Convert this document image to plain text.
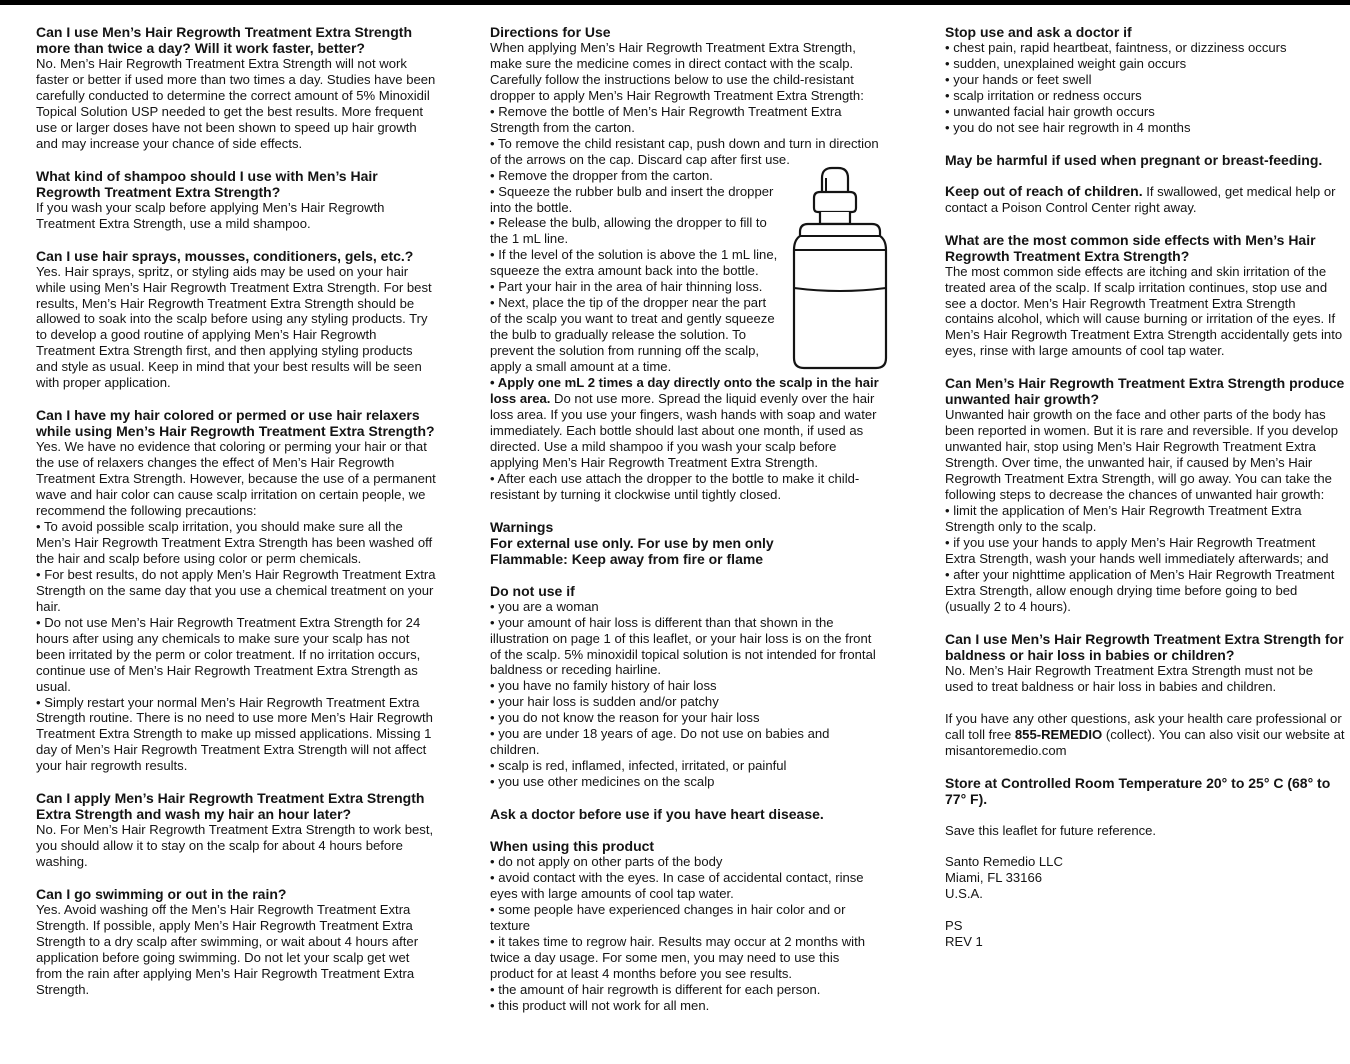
Can I use Men’s Hair Regrowth Treatment Extra Strength more than twice a day? Will it work faster, better?

No. Men’s Hair Regrowth Treatment Extra Strength will not work faster or better if used more than two times a day. Studies have been carefully conducted to determine the correct amount of 5% Minoxidil Topical Solution USP needed to get the best results. More frequent use or larger doses have not been shown to speed up hair growth and may increase your chance of side effects.

What kind of shampoo should I use with Men’s Hair Regrowth Treatment Extra Strength?

If you wash your scalp before applying Men’s Hair Regrowth Treatment Extra Strength, use a mild shampoo.

Can I use hair sprays, mousses, conditioners, gels, etc.?

Yes. Hair sprays, spritz, or styling aids may be used on your hair while using Men’s Hair Regrowth Treatment Extra Strength. For best results, Men’s Hair Regrowth Treatment Extra Strength should be allowed to soak into the scalp before using any styling products. Try to develop a good routine of applying Men’s Hair Regrowth Treatment Extra Strength first, and then applying styling products and style as usual. Keep in mind that your best results will be seen with proper application.

Can I have my hair colored or permed or use hair relaxers while using Men’s Hair Regrowth Treatment Extra Strength?

Yes. We have no evidence that coloring or perming your hair or that the use of relaxers changes the effect of Men’s Hair Regrowth Treatment Extra Strength. However, because the use of a permanent wave and hair color can cause scalp irritation on certain people, we recommend the following precautions:

• To avoid possible scalp irritation, you should make sure all the Men’s Hair Regrowth Treatment Extra Strength has been washed off the hair and scalp before using color or perm chemicals.

• For best results, do not apply Men’s Hair Regrowth Treatment Extra Strength on the same day that you use a chemical treatment on your hair.

• Do not use Men’s Hair Regrowth Treatment Extra Strength for 24 hours after using any chemicals to make sure your scalp has not been irritated by the perm or color treatment. If no irritation occurs, continue use of Men’s Hair Regrowth Treatment Extra Strength as usual.

• Simply restart your normal Men’s Hair Regrowth Treatment Extra Strength routine. There is no need to use more Men’s Hair Regrowth Treatment Extra Strength to make up missed applications. Missing 1 day of Men’s Hair Regrowth Treatment Extra Strength will not affect your hair regrowth results.

Can I apply Men’s Hair Regrowth Treatment Extra Strength Extra Strength and wash my hair an hour later?

No. For Men’s Hair Regrowth Treatment Extra Strength to work best, you should allow it to stay on the scalp for about 4 hours before washing.

Can I go swimming or out in the rain?

Yes. Avoid washing off the Men’s Hair Regrowth Treatment Extra Strength. If possible, apply Men’s Hair Regrowth Treatment Extra Strength to a dry scalp after swimming, or wait about 4 hours after application before going swimming. Do not let your scalp get wet from the rain after applying Men’s Hair Regrowth Treatment Extra Strength.

Directions for Use

When applying Men’s Hair Regrowth Treatment Extra Strength, make sure the medicine comes in direct contact with the scalp. Carefully follow the instructions below to use the child-resistant dropper to apply Men’s Hair Regrowth Treatment Extra Strength:

• Remove the bottle of Men’s Hair Regrowth Treatment Extra Strength from the carton.

• To remove the child resistant cap, push down and turn in direction of the arrows on the cap. Discard cap after first use.

• Remove the dropper from the carton.

• Squeeze the rubber bulb and insert the dropper into the bottle.

• Release the bulb, allowing the dropper to fill to the 1 mL line.

• If the level of the solution is above the 1 mL line, squeeze the extra amount back into the bottle.

• Part your hair in the area of hair thinning loss.

• Next, place the tip of the dropper near the part of the scalp you want to treat and gently squeeze the bulb to gradually release the solution. To prevent the solution from running off the scalp, apply a small amount at a time.

• Apply one mL 2 times a day directly onto the scalp in the hair loss area. Do not use more. Spread the liquid evenly over the hair loss area. If you use your fingers, wash hands with soap and water immediately. Each bottle should last about one month, if used as directed. Use a mild shampoo if you wash your scalp before applying Men’s Hair Regrowth Treatment Extra Strength.

• After each use attach the dropper to the bottle to make it child-resistant by turning it clockwise until tightly closed.

Warnings

For external use only. For use by men only

Flammable: Keep away from fire or flame

Do not use if

• you are a woman

• your amount of hair loss is different than that shown in the illustration on page 1 of this leaflet, or your hair loss is on the front of the scalp. 5% minoxidil topical solution is not intended for frontal baldness or receding hairline.

• you have no family history of hair loss

• your hair loss is sudden and/or patchy

• you do not know the reason for your hair loss

• you are under 18 years of age. Do not use on babies and children.

• scalp is red, inflamed, infected, irritated, or painful

• you use other medicines on the scalp

Ask a doctor before use if you have heart disease.

When using this product

• do not apply on other parts of the body

• avoid contact with the eyes. In case of accidental contact, rinse eyes with large amounts of cool tap water.

• some people have experienced changes in hair color and or texture

• it takes time to regrow hair. Results may occur at 2 months with twice a day usage. For some men, you may need to use this product for at least 4 months before you see results.

• the amount of hair regrowth is different for each person.

• this product will not work for all men.

Stop use and ask a doctor if

• chest pain, rapid heartbeat, faintness, or dizziness occurs

• sudden, unexplained weight gain occurs

• your hands or feet swell

• scalp irritation or redness occurs

• unwanted facial hair growth occurs

• you do not see hair regrowth in 4 months

May be harmful if used when pregnant or breast-feeding.

Keep out of reach of children. If swallowed, get medical help or contact a Poison Control Center right away.

What are the most common side effects with Men’s Hair Regrowth Treatment Extra Strength?

The most common side effects are itching and skin irritation of the treated area of the scalp. If scalp irritation continues, stop use and see a doctor. Men’s Hair Regrowth Treatment Extra Strength contains alcohol, which will cause burning or irritation of the eyes. If Men’s Hair Regrowth Treatment Extra Strength accidentally gets into eyes, rinse with large amounts of cool tap water.

Can Men’s Hair Regrowth Treatment Extra Strength produce unwanted hair growth?

Unwanted hair growth on the face and other parts of the body has been reported in women. But it is rare and reversible. If you develop unwanted hair, stop using Men’s Hair Regrowth Treatment Extra Strength. Over time, the unwanted hair, if caused by Men’s Hair Regrowth Treatment Extra Strength, will go away. You can take the following steps to decrease the chances of unwanted hair growth:

• limit the application of Men’s Hair Regrowth Treatment Extra Strength only to the scalp.

• if you use your hands to apply Men’s Hair Regrowth Treatment Extra Strength, wash your hands well immediately afterwards; and

• after your nighttime application of Men’s Hair Regrowth Treatment Extra Strength, allow enough drying time before going to bed (usually 2 to 4 hours).

Can I use Men’s Hair Regrowth Treatment Extra Strength for baldness or hair loss in babies or children?

No. Men’s Hair Regrowth Treatment Extra Strength must not be used to treat baldness or hair loss in babies and children.

If you have any other questions, ask your health care professional or call toll free 855-REMEDIO (collect). You can also visit our website at misantoremedio.com

Store at Controlled Room Temperature 20° to 25° C (68° to 77° F).

Save this leaflet for future reference.

Santo Remedio LLC

Miami, FL 33166

U.S.A.

PS

REV 1
